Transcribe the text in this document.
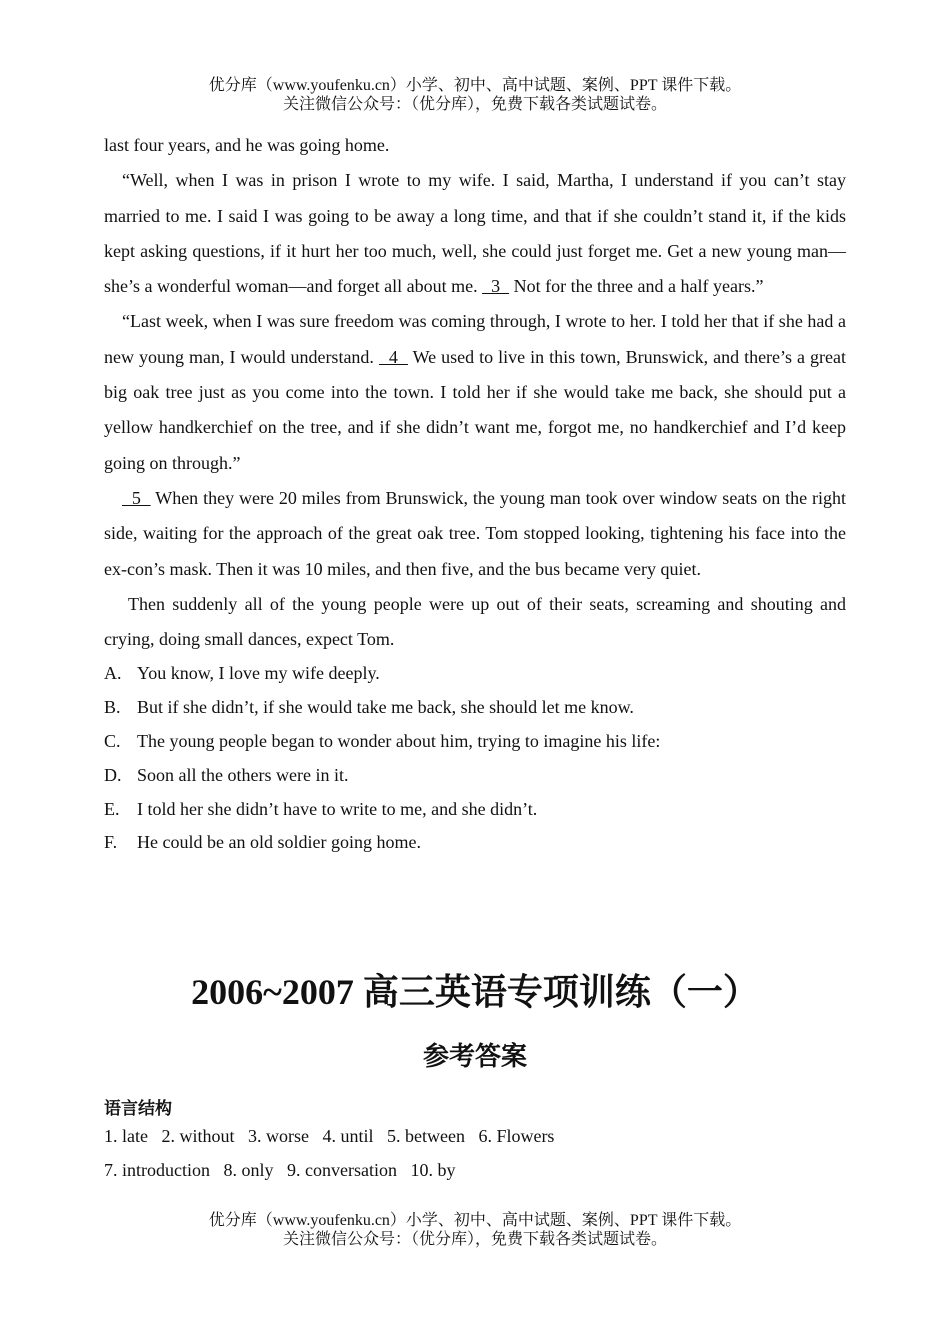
优分库（www.youfenku.cn）小学、初中、高中试题、案例、PPT 课件下载。
关注微信公众号：（优分库），免费下载各类试题试卷。

last four years, and he was going home.

   “Well, when I was in prison I wrote to my wife. I said, Martha, I understand if you can’t stay married to me. I said I was going to be away a long time, and that if she couldn’t stand it, if the kids kept asking questions, if it hurt her too much, well, she could just forget me. Get a new young man—she’s a wonderful woman—and forget all about me.   3   Not for the three and a half years.”

   “Last week, when I was sure freedom was coming through, I wrote to her. I told her that if she had a new young man, I would understand.   4   We used to live in this town, Brunswick, and there’s a great big oak tree just as you come into the town. I told her if she would take me back, she should put a yellow handkerchief on the tree, and if she didn’t want me, forgot me, no handkerchief and I’d keep going on through.”

     5   When they were 20 miles from Brunswick, the young man took over window seats on the right side, waiting for the approach of the great oak tree. Tom stopped looking, tightening his face into the ex-con’s mask. Then it was 10 miles, and then five, and the bus became very quiet.

    Then suddenly all of the young people were up out of their seats, screaming and shouting and crying, doing small dances, expect Tom.

A. You know, I love my wife deeply.

B. But if she didn’t, if she would take me back, she should let me know.

C. The young people began to wonder about him, trying to imagine his life:

D. Soon all the others were in it.

E. I told her she didn’t have to write to me, and she didn’t.

F.	He could be an old soldier going home.

2006~2007 高三英语专项训练（一）
参考答案
语言结构
1. late   2. without   3. worse   4. until   5. between   6. Flowers
7. introduction   8. only   9. conversation   10. by
优分库（www.youfenku.cn）小学、初中、高中试题、案例、PPT 课件下载。
关注微信公众号：（优分库），免费下载各类试题试卷。
